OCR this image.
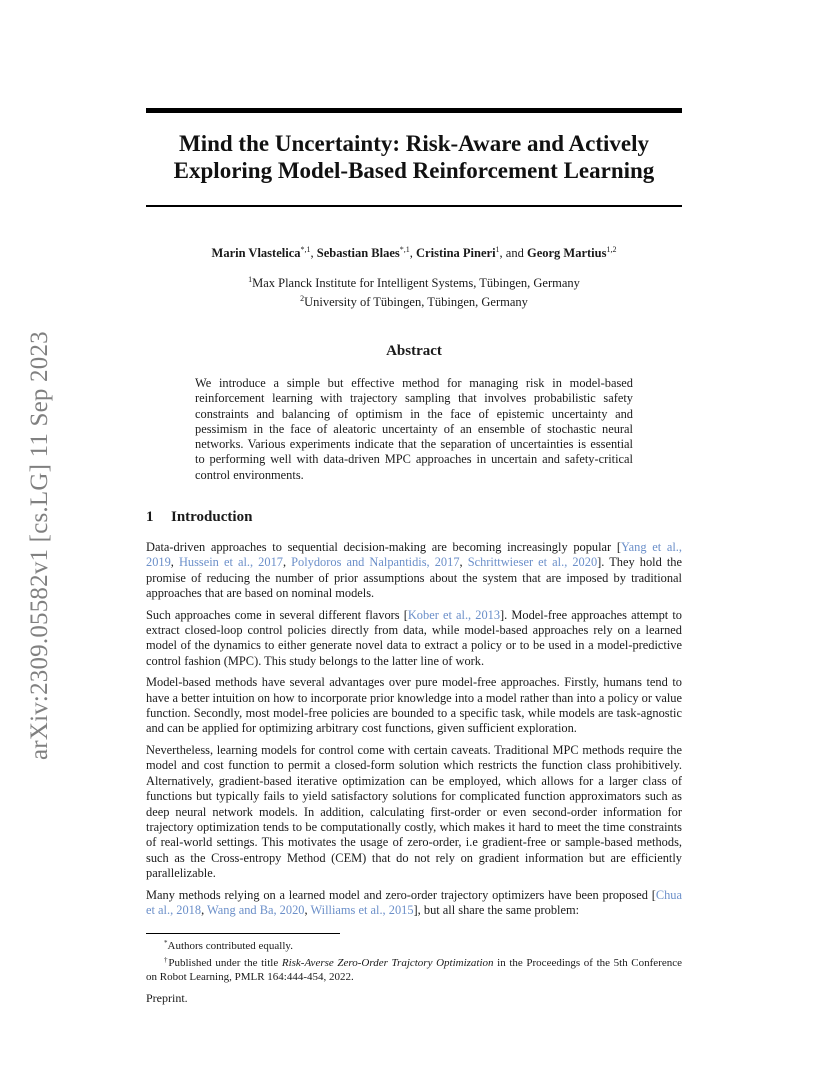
arXiv:2309.05582v1 [cs.LG] 11 Sep 2023
Mind the Uncertainty: Risk-Aware and Actively
Exploring Model-Based Reinforcement Learning

Marin Vlastelica$^{*,1}$, Sebastian Blaes$^{*,1}$, Cristina Pineri$^1$, and Georg Martius$^{1,2}$

$^1$Max Planck Institute for Intelligent Systems, Tübingen, Germany
$^2$University of Tübingen, Tübingen, Germany

Abstract

We introduce a simple but effective method for managing risk in model-based reinforcement learning with trajectory sampling that involves probabilistic safety constraints and balancing of optimism in the face of epistemic uncertainty and pessimism in the face of aleatoric uncertainty of an ensemble of stochastic neural networks. Various experiments indicate that the separation of uncertainties is essential to performing well with data-driven MPC approaches in uncertain and safety-critical control environments.

1 Introduction

Data-driven approaches to sequential decision-making are becoming increasingly popular [Yang et al., 2019, Hussein et al., 2017, Polydoros and Nalpantidis, 2017, Schrittwieser et al., 2020]. They hold the promise of reducing the number of prior assumptions about the system that are imposed by traditional approaches that are based on nominal models.

Such approaches come in several different flavors [Kober et al., 2013]. Model-free approaches attempt to extract closed-loop control policies directly from data, while model-based approaches rely on a learned model of the dynamics to either generate novel data to extract a policy or to be used in a model-predictive control fashion (MPC). This study belongs to the latter line of work.

Model-based methods have several advantages over pure model-free approaches. Firstly, humans tend to have a better intuition on how to incorporate prior knowledge into a model rather than into a policy or value function. Secondly, most model-free policies are bounded to a specific task, while models are task-agnostic and can be applied for optimizing arbitrary cost functions, given sufficient exploration.

Nevertheless, learning models for control come with certain caveats. Traditional MPC methods require the model and cost function to permit a closed-form solution which restricts the function class prohibitively. Alternatively, gradient-based iterative optimization can be employed, which allows for a larger class of functions but typically fails to yield satisfactory solutions for complicated function approximators such as deep neural network models. In addition, calculating first-order or even second-order information for trajectory optimization tends to be computationally costly, which makes it hard to meet the time constraints of real-world settings. This motivates the usage of zero-order, i.e gradient-free or sample-based methods, such as the Cross-entropy Method (CEM) that do not rely on gradient information but are efficiently parallelizable.

Many methods relying on a learned model and zero-order trajectory optimizers have been proposed [Chua et al., 2018, Wang and Ba, 2020, Williams et al., 2015], but all share the same problem:

*Authors contributed equally.

†Published under the title Risk-Averse Zero-Order Trajctory Optimization in the Proceedings of the 5th Conference on Robot Learning, PMLR 164:444-454, 2022.

Preprint.
